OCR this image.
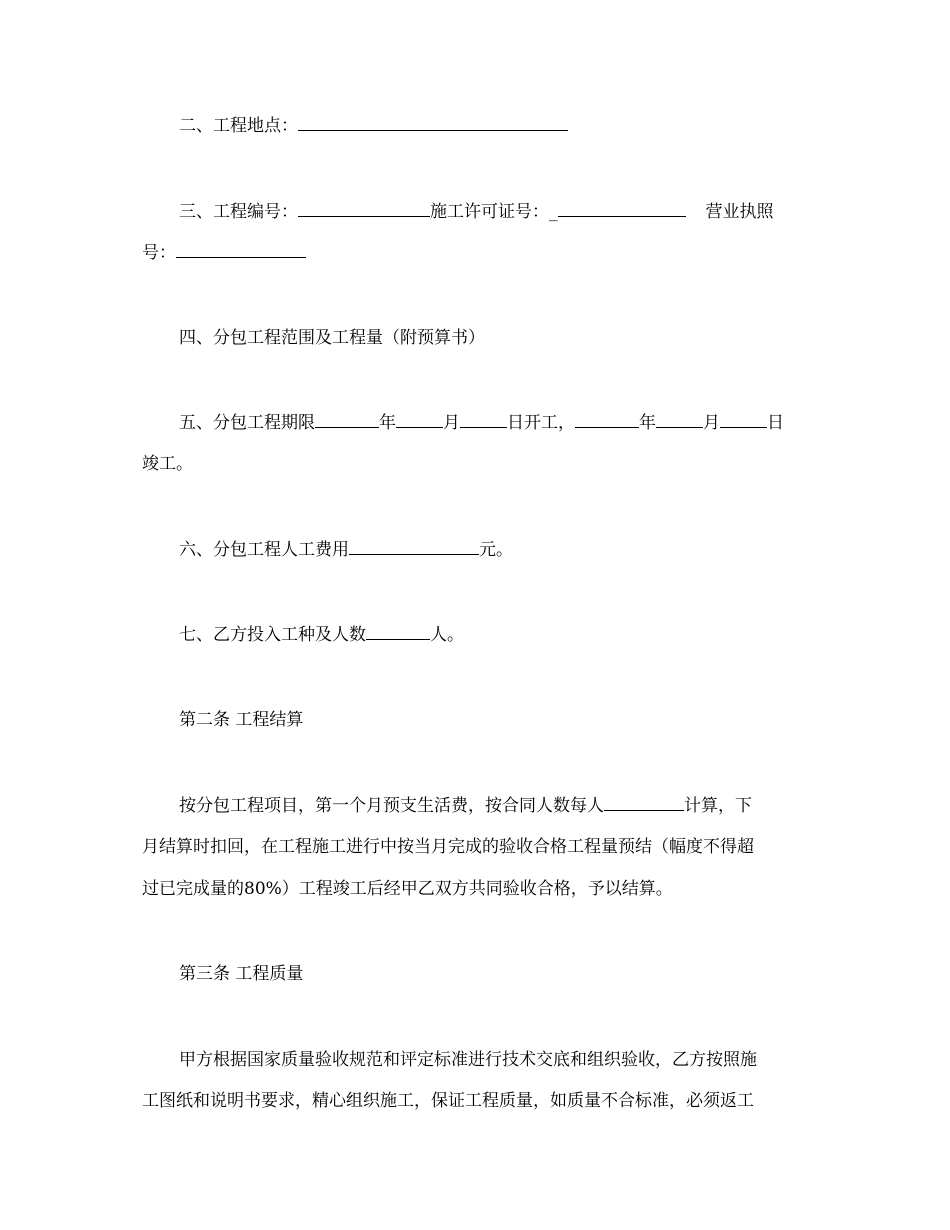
二、工程地点：
三、工程编号：	施工许可证号：_	营业执照
号：
四、分包工程范围及工程量（附预算书）
五、分包工程期限	年	月	日开工，	年	月	日
竣工。
六、分包工程人工费用	元。
七、乙方投入工种及人数	人。
第二条 工程结算
按分包工程项目，第一个月预支生活费，按合同人数每人	计算，下
月结算时扣回，在工程施工进行中按当月完成的验收合格工程量预结（幅度不得超
过已完成量的80%）工程竣工后经甲乙双方共同验收合格，予以结算。
第三条 工程质量
甲方根据国家质量验收规范和评定标准进行技术交底和组织验收，乙方按照施
工图纸和说明书要求，精心组织施工，保证工程质量，如质量不合标准，必须返工
